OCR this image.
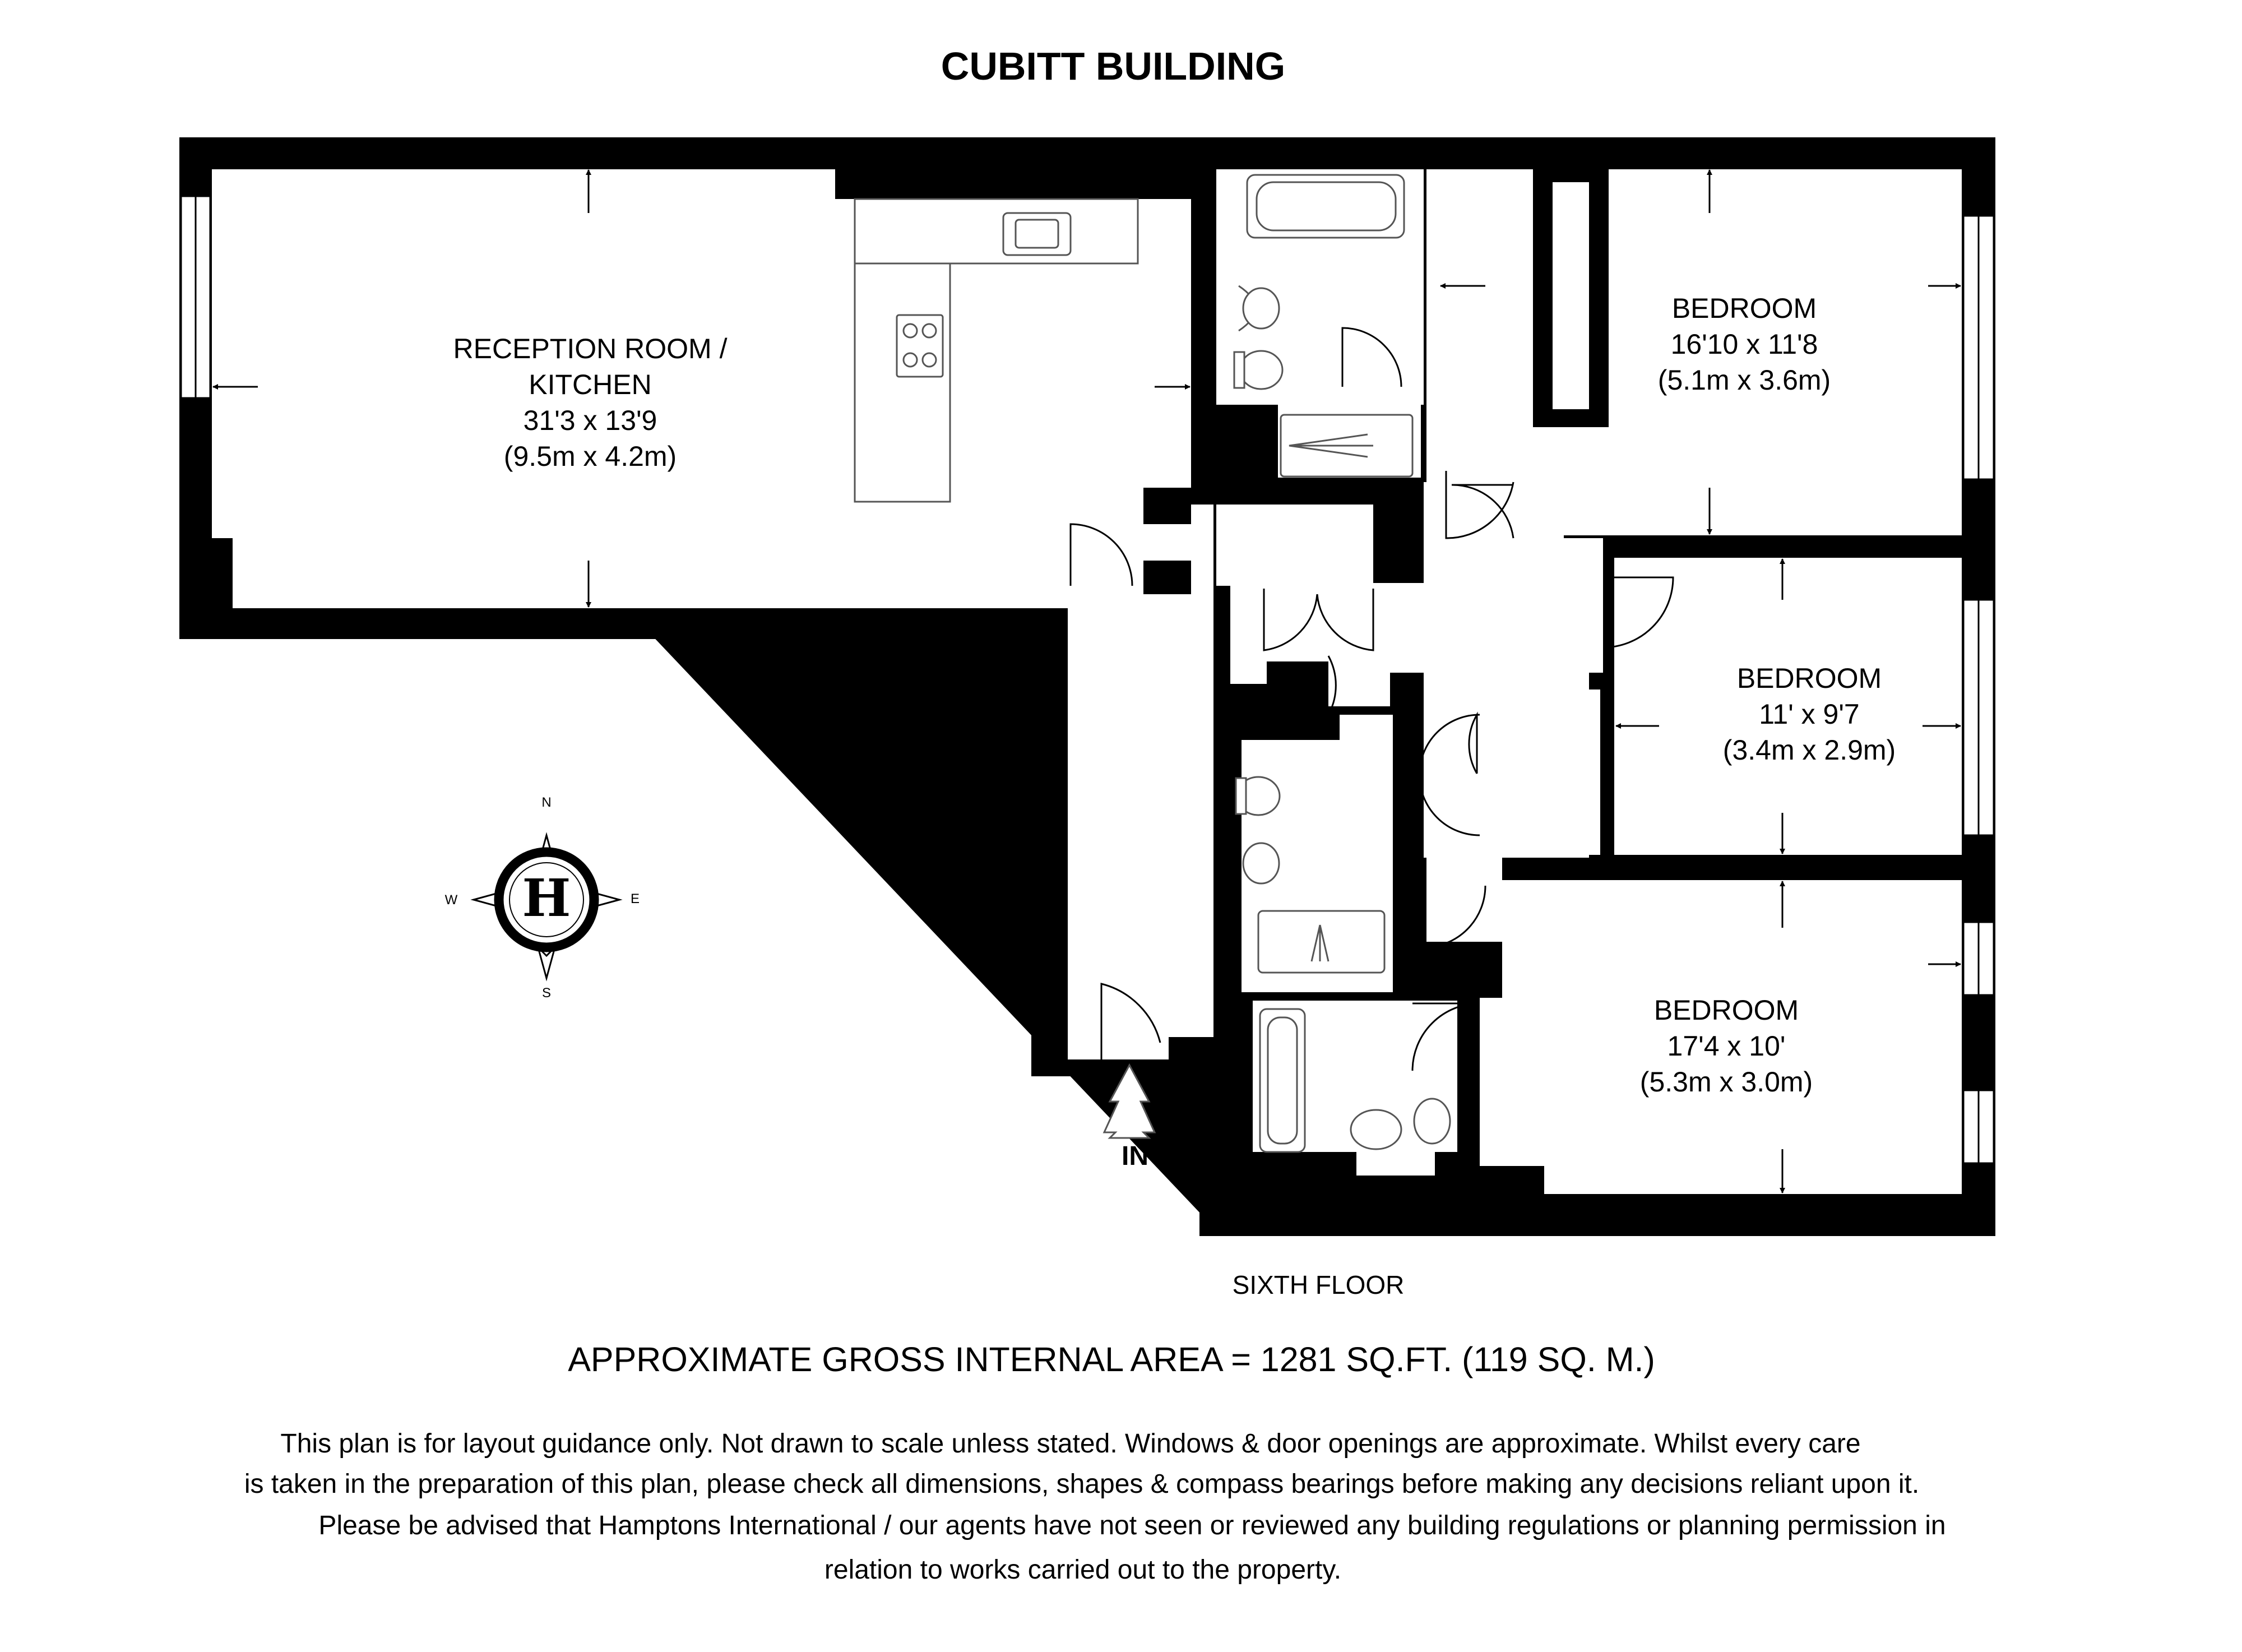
CUBITT BUILDING
RECEPTION ROOM /
KITCHEN
31'3 x 13'9
(9.5m x 4.2m)
BEDROOM
16'10 x 11'8
(5.1m x 3.6m)
BEDROOM
11' x 9'7
(3.4m x 2.9m)
BEDROOM
17'4 x 10'
(5.3m x 3.0m)
IN
N
S
E
W H
SIXTH FLOOR
APPROXIMATE GROSS INTERNAL AREA = 1281 SQ.FT. (119 SQ. M.)
This plan is for layout guidance only. Not drawn to scale unless stated. Windows & door openings are approximate. Whilst every care
is taken in the preparation of this plan, please check all dimensions, shapes & compass bearings before making any decisions reliant upon it.
Please be advised that Hamptons International / our agents have not seen or reviewed any building regulations or planning permission in
relation to works carried out to the property.
